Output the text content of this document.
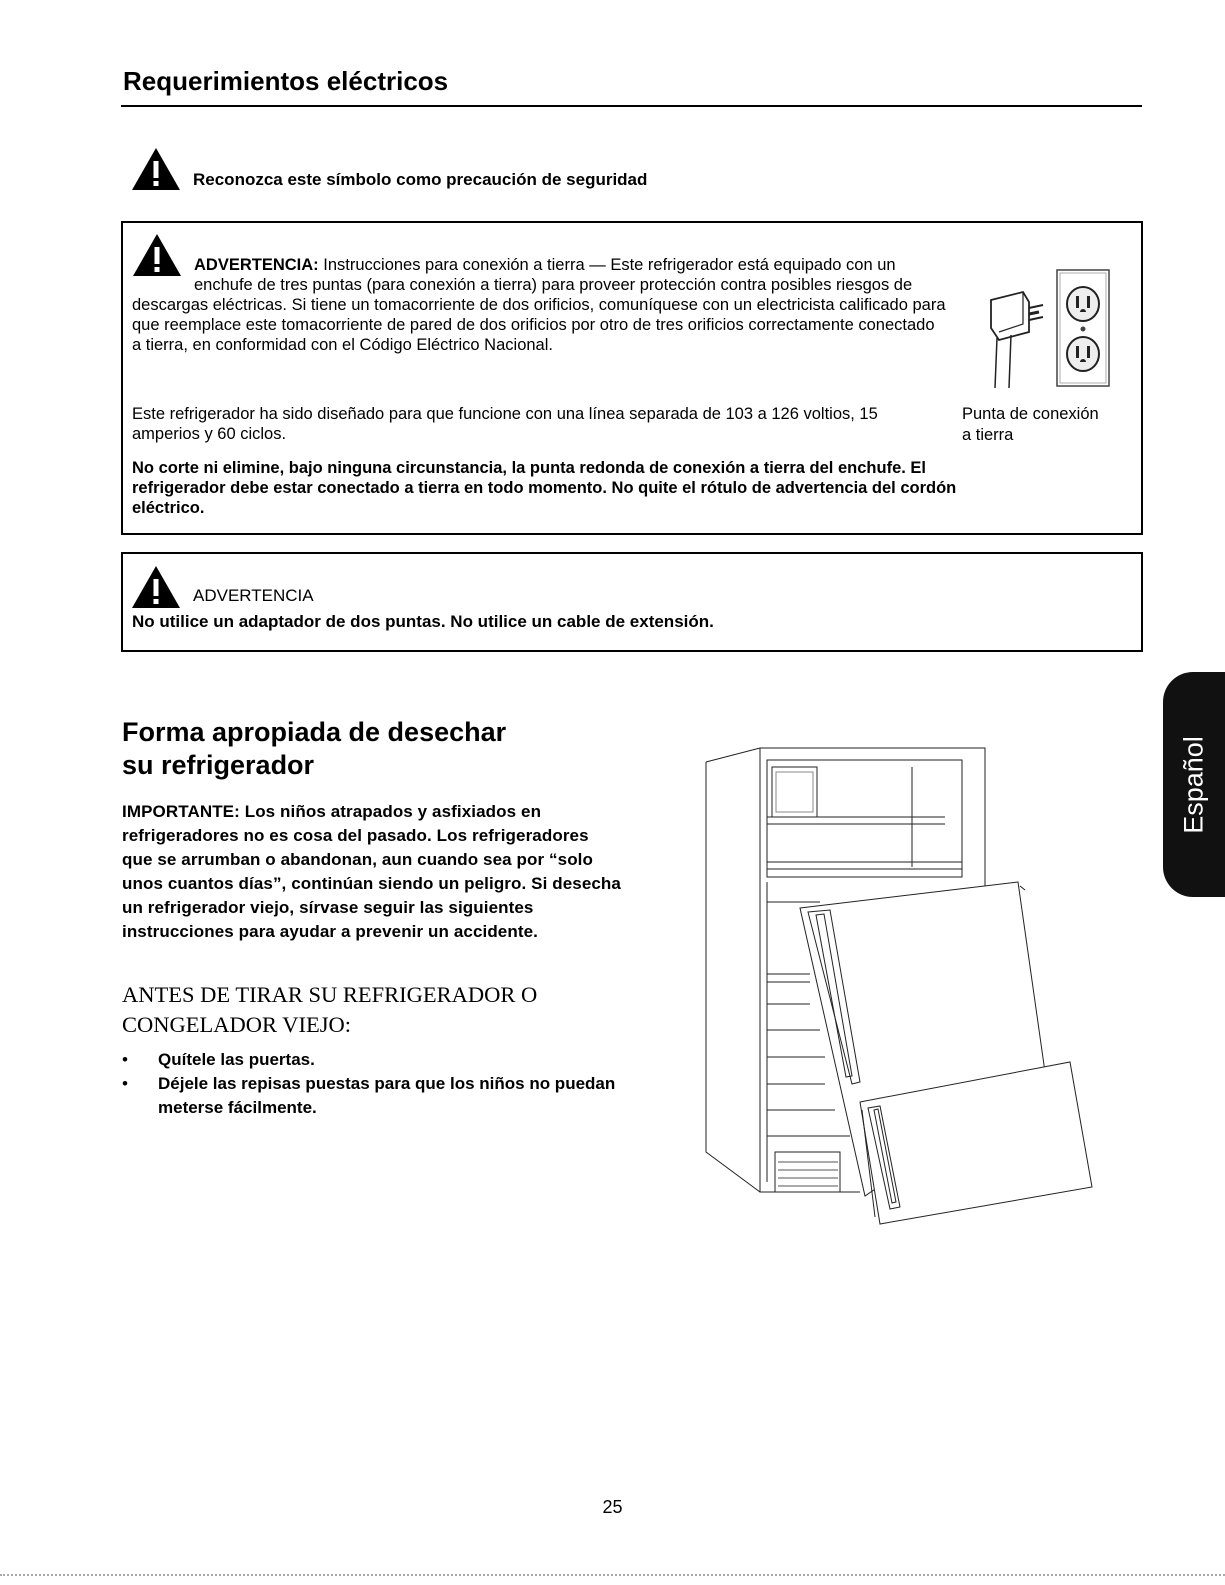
Requerimientos eléctricos
Reconozca este símbolo como precaución de seguridad
ADVERTENCIA: Instrucciones para conexión a tierra — Este refrigerador está equipado con un enchufe de tres puntas (para conexión a tierra) para proveer protección contra posibles riesgos de descargas eléctricas. Si tiene un tomacorriente de dos orificios, comuníquese con un electricista calificado para que reemplace este tomacorriente de pared de dos orificios por otro de tres orificios correctamente conectado a tierra, en conformidad con el Código Eléctrico Nacional.
Este refrigerador ha sido diseñado para que funcione con una línea separada de 103 a 126 voltios, 15 amperios y 60 ciclos.
No corte ni elimine, bajo ninguna circunstancia, la punta redonda de conexión a tierra del enchufe. El refrigerador debe estar conectado a tierra en todo momento. No quite el rótulo de advertencia del cordón eléctrico.
Punta de conexión
a tierra
ADVERTENCIA
No utilice un adaptador de dos puntas. No utilice un cable de extensión.
Forma apropiada de desechar
su refrigerador
IMPORTANTE: Los niños atrapados y asfixiados en refrigeradores no es cosa del pasado. Los refrigeradores que se arrumban o abandonan, aun cuando sea por “solo unos cuantos días”, continúan siendo un peligro. Si desecha un refrigerador viejo, sírvase seguir las siguientes instrucciones para ayudar a prevenir un accidente.
ANTES DE TIRAR SU REFRIGERADOR O
CONGELADOR VIEJO:
• Quítele las puertas.
• Déjele las repisas puestas para que los niños no puedan meterse fácilmente.
Español
25
